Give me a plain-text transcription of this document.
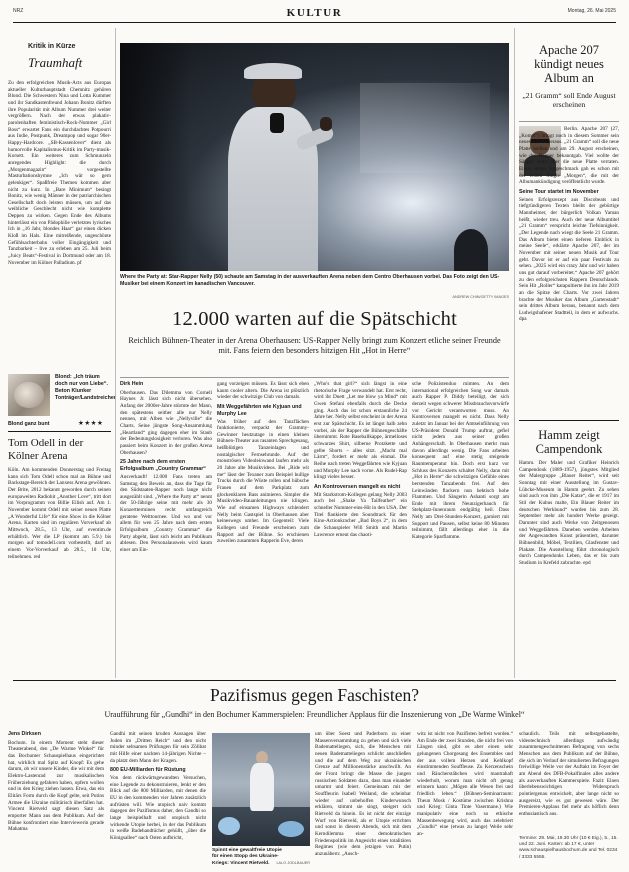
NRZ	KULTUR	Montag, 26. Mai 2025
Kritik in Kürze
Traumhaft

Zu den erfolgreichen Musik-Acts aus Europas aktueller Kulturhauptstadt Chemnitz gehören Blond. Die Schwestern Nina und Lotta Kummer und ihr Sandkastenfreund Johann Bonitz dürften ihre Popularität mit Album Nummer drei weiter vergrößern. Nach der etwas plakativ-parolenhaften feministisch-Rock-Nummer „Girl Boss“ erwartet Fans ein durchdachtes Potpourri aus Indie, Postpunk, Dreampop und sogar 90er-Happy-Hardcore. „SB-Kassenlover“ dient als humorvolle Kapitalismus-Kritik im Party-musik-Korsett. Ein weiteres zum Schmunzeln anregendes Highlight: die durch „Morgenmagazin“ vorgestellte Masturbationshymne „Ich wär so gern gelenkiger“. Spaßfreie Themen kommen aber nicht zu kurz. In „Bare Minimum“ besingt Bonitz, wie wenig Männer in der patriarchischen Gesellschaft doch leisten müssen, um auf das weibliche Geschlecht nicht wie komplette Deppen zu wirken. Gegen Ende des Albums hinterlässt ein von Pädophilie verletztes lyrisches Ich in „16 Jahr, blondes Haar“ gar einen dicken Kloß im Hals. Eine mitreißende, ungeschönte Gefühlsachterbahn voller Eingängigkeit und Tanzbarkeit – live zu erleben am 25. Juli beim „Juicy Beats“-Festival in Dortmund oder am 18. November im Kölner Palladium. pf

Blond: „Ich träum doch nur von Liebe“. Beton Klunker Tonträger/Landstreicher
Blond ganz bunt	★★★★
Tom Odell in der Kölner Arena

Köln. Am kommenden Donnerstag und Freitag kann sich Tom Odell schon mal an Bühne und Backstage-Bereich der Lanxess Arena gewöhnen. Der Brite, 2012 bekannt geworden durch seinen europaweiten Radiohit „Another Love“, tritt dort im Vorprogramm von Billie Eilish auf. Am 1. November kommt Odell mit seiner neuen Platte „A Wonderful Life“ für eine Show in die Kölner Arena. Karten sind im regulären Vorverkauf ab Mittwoch, 28.5., 13 Uhr, auf eventim.de erhältlich. Wer die LP (kommt am 5.9.) bis morgen auf tomodell.com vorbestellt, darf an einem Vor-Vorverkauf ab 28.5., 10 Uhr, teilnehmen. red

Where the Party at: Star-Rapper Nelly (50) schaute am Samstag in der ausverkauften Arena neben dem Centro Oberhausen vorbei. Das Foto zeigt den US-Musiker bei einem Konzert im kanadischen Vancouver.
ANDREW CHIN/GETTY IMAGES
12.000 warten auf die Spätschicht
Reichlich Bühnen-Theater in der Arena Oberhausen: US-Rapper Nelly bringt zum Konzert etliche seiner Freunde mit. Fans feiern den besonders hitzigen Hit „Hot in Herre“
Dirk Hein

Oberhausen. Das Dilemma von Cornell Haynes Jr. lässt sich nicht übersehen. Anfang der 2000er-Jahre stürmte der Mann, den spätestens seither alle nur Nelly nennen, mit Alben wie „Nellyville“ die Charts. Seine jüngste Song-Ansammlung „Heartland“ ging dagegen eher im Staub der Bedeutungslosigkeit verloren. Was also passiert beim Konzert in der großen Arena Oberhausen?

25 Jahre nach dem ersten Erfolgsalbum „Country Grammar“

Ausverkauft! 12.000 Fans treten am Samstag den Beweis an, dass die Tage für den Südstaaten-Rapper noch lange nicht ausgezählt sind. „Where the Party at“ nennt der 50-Jährige seine mit mehr als 30 Konzertterminen recht umfangreich geratene Welttournee. Und wo und vor allem für wen 25 Jahre nach dem ersten Erfolgsalbum „Country Grammar“ die Party abgeht, lässt sich leicht am Publikum ablesen. Den Personalausweis wird kaum einer am Ein-

gang vorzeigen müssen. Es lässt sich eben kaum cooler altern. Die Arena ist plötzlich wieder der schwitzige Club von damals.

Mit Weggefährten wie Kyjuan und Murphy Lee

Was früher auf den Tanzflächen funktionierte, verpackt der Grammy-Gewinner heutzutage in einen kleinen Bühnen-Theater aus rasanten Sprechgesang, heißblütigen Tanzeinlagen und nostalgischer Fernsehrunde. Auf der monströsen Videoleinwand laufen mehr als 20 Jahre alte Musikvideos. Bei „Ride wit me“ lässt der Texaner zum Beispiel bullige Trucks durch die Wüste rollen und hübsche Frauen auf dem Parkplatz zum glockenklaren Bass animieren. Simpler die Musikvideo-Bauanleitungen nie klingen. Wie auf einsamen Highways schlendert Nelly beim Gastspiel in Oberhausen aber keineswegs umher. Im Gegenteil: Viele Kollegen und Freunde erscheinen zum Rapport auf der Bühne. So erschienen zuweilen zusammen Rapperin Eve, deren

„Who's that girl?“ sich längst in eine rhetorische Frage verwandelt hat. Erst recht, wird ihr Duett „Let me blow ya Mind“ mit Gwen Stefani ebenfalls durch die Decke ging. Auch das ist schon erstaunliche 24 Jahre her. Nelly selbst erscheint in der Arena erst zur Spätschicht. Es ist längst halb zehn vorbei, als der Rapper die Bühnengeschäfte übernimmt. Rote Baseballkappe, ärmelloses schwarzes Shirt, silberne Protzkette und gelbe Shorts – alles sitzt. „Macht mal Lärm“, fordert er mehr als einmal. Die Reihe nach treten Weggefährten wie Kyjuan und Murphy Lee nach vorne. Als Rudel-Rap klingt vieles besser.

An Kontroversen mangelt es nicht

Mit Starkstrom-Kollegen gelang Nelly 2003 auch bei „Shake Ya Tailfeather“ ein schneller Nummer-eins-Hit in den USA. Der Titel flankierte den Soundtrack für den Kino-Actionkracher „Bad Boys 2“, in dem die Schauspieler Will Smith und Martin Lawrence erneut das chaoti-

sche Polizistenduo mimten. An dem international erfolgreichen Song war damals auch Rapper P. Diddy beteiligt, der sich derzeit wegen schwerer Missbrauchsvorwürfe vor Gericht verantworten muss. An Kontroversen mangelt es nicht. Dass Nelly zuletzt im Januar bei der Amtseinführung von US-Präsident Donald Trump auftrat, gefiel nicht jedem aus seiner großen Anhängerschaft. In Oberhausen merkt man davon allerdings wenig. Die Fans arbeiten konsequent auf eine stetig steigende Raumtemperatur hin. Doch erst kurz vor Schluss des Konzerts schaltet Nelly, dann mit „Hot in Herre“ die schwitzigen Gefühle eines berstenden Tanzabends frei. Auf den Leinwänden flackern nun hektisch hohe Flammen. Und Sängerin Ashanti sorgt am Ende mit ihrem Neunzigerhauch für Stehplatz-Innenraum endgültig heil. Dass Nelly am Drei-Stunden-Konzert, garniert mit Support und Pausen, selbst keine 80 Minuten teilnimmt, fällt allerdings eher in die Kategorie Sparflamme.

Apache 207 kündigt neues Album an
„21 Gramm“ soll Ende August erscheinen

Berlin. Apache 207 (27, „Komet“) bringt noch in diesem Sommer sein neues Album heraus. „21 Gramm“ soll die neue Platte heißen und am 29. August erscheinen, wie der Rapper bekanntgab. Viel wollte der Sänger nicht über die neue Platte verraten. Einen ersten Vorgeschmack gab es schon mit der ersten Single „Morgen“, die mit der Albumankündigung veröffentlicht wurde.

Seine Tour startet im November

Seinen Erfolgsrezept aus Discobeats und tiefgründigeren Texten bleibt der gebürtige Mannheimer, der bürgerlich Volkan Yaman heißt, wieder treu. Auch der neue Albumtitel „21 Gramm“ verspricht leichte Tiefsinnigkeit. „Der Legende nach wiegt die Seele 21 Gramm. Das Album bietet einen tieferen Einblick in meine Seele“, erklärte Apache 207, der im November mit seiner neuen Musik auf Tour geht. Davor ist er auf ein paar Festivals zu sehen. „2025 wird ein crazy Jahr und wir haben uns gut darauf vorbereitet.“ Apache 207 gehört zu den erfolgreichsten Rappern Deutschlands. Sein Hit „Roller“ katapultierte ihn im Jahr 2019 an die Spitze der Charts. Vor zwei Jahren brachte der Musiker das Album „Gartenstadt“ sein drittes Album heraus, benannt nach dem Ludwigshafener Stadtteil, in dem er aufwuchs. dpa

Hamm zeigt Campendonk

Hamm. Der Maler und Grafiker Heinrich Campendonk (1889-1957), jüngstes Mitglied der Malergruppe „Blauer Reiter“, wird seit Sonntag mit einer Ausstellung im Gustav-Lübcke-Museum in Hamm geehrt. Zu sehen sind auch von ihm „Die Katze“, die er 1917 im Stil der Kubus malte, Ein Blauer Reiter im deutschen Werkbund“ wurden bis zum 28. September mehr als hundert Werke gezeigt. Darunter sind auch Werke von Zeitgenossen und Weggefährten. Daneben werden Arbeiten der Angewandten Kunst präsentiert, darunter Bühnenbild, Möbel, Textilien, Glasfenster und Plakate. Die Ausstellung führt chronologisch durch Campendonks Leben, das er bis zum Studium in Krefeld zubrachte. epd

Pazifismus gegen Faschisten?
Uraufführung für „Gundhi“ in den Bochumer Kammerspielen: Freundlicher Applaus für die Inszenierung von „De Warme Winkel“
Jens Dirksen

Bochum. In einem Moment steht dieser Theaterabend, den „De Warme Winkel“ für das Bochumer Schauspielhaus eingerichtet hat, wirklich mal Spitz auf Knopf: Es gehe darum, ob wir unsere Kinder, die wir mit dem Elektro-Lastenrad zur musikalischen Früherziehung gefahren haben, opfern wollen und in den Krieg ziehen lassen. Etwa, das ein Elitärs Form durch die Kopf gelte, seit Putins Armee die Ukraine militärisch überfallen hat. Vincent Rietveld sagt diesen Satz als emporter Mann aus dem Publikum. Auf der Bühne konfrontiert eine Interviewerin gerade Mahatma

Gandhi mit seinen kruden Aussagen über Juden im „Dritten Reich“ und den nicht minder seltsamen Prüfungen für sein Zölibat mit Hilfe einer nackten 14-jährigen Nichte – da platzt dem Mann der Kragen.

800 EU-Milliarden für Rüstung

Von dem rückwärtsgewandten Versuchen, eine Legende zu dekonstruieren, lenkt er den Blick auf die 800 Milliarden, mit denen die EU in den kommenden vier Jahren zusätzlich aufrüsten will. Wie utopisch naiv kommt dagegen der Pazifismus daher, den Gandhi so lange beispielhaft und utopisch nicht wirkende Utopie herbei, in der das Publikum in weiße Badehandtücher gehüllt, „über die Königsallee“ nach Osten aufbricht,

Spinnt eine gewaltfreie Utopie für einen Stopp des Ukraine-Kriegs: Vincent Rietveld.	LALO JODLBAUER

um über Soest und Paderborn zu einer Massenversammlung zu gehen und sich viele Badematteliegen, sich, die Menschen mit neuen Badematteliegen schlicht anschließen und die auf dem Weg zur ukrainischen Grenze auf Millionenstärke anschwillt. An der Front bringt die Masse die jungen russischen Soldaten dazu, dass man einander umarmt und feiert. Gemeinsam mit der Souffleurin Isabell Weiland, die scheinbar wieder auf unbeholfen Kinderwunsch erklären, stimmt sie singt, steigert sich Rietveld da hinein. Es ist nicht der einzige Wurf von Rietveld, als er Utopie errichten und sonst in diesem Abends, sich mit dem Kerndilemma einer demokratischen Friedenspolitik im Angesicht eines totalitären Regimes (wie dem jetzigen von Putin) anzunähern: „Ausch-

witz ist nicht von Pazifisten befreit worden.“ Am Ende der zwei Stunden, die nicht frei von Längen sind, gibt es aber einen sehr gelungenen Chorgesang des Ensembles und der aus vollem Herzen und Kehlkopf einstimmenden Souffleuse. Zu Kerzenschein und Räucherstäbchen wird mantrahaft wiederholt, worum man nicht oft genug erinnern kann: „Mögen alle Wesen frei und friedlich leben.“ (Bühnen-Seminarraum: Theun Mosk / Kostüme zwischen Krishna und Krieg: Ginta Tinte Vasermane.) Wie manipulativ eine noch so ethische Massenbewegung wird, auch das zelebriert „Gundhi“ eine (etwas zu lange) Weile sehr an-

schaulich. Teils mit selbstgebastelte, videotechnisch allerdings aufwändig zusammengeschnittenen Befragung von sechs Menschen aus dem Publikum auf der Bühne, die sich im Verlauf der simulierten Befragungen freiwillige Weile vor der Auftakt im Foyer der am Abend des DFB-Pokalfinales alles andere als ausverkauften Kammerspiele. Fazit: Einen überlebenswichtigen Widerspruch pointiergenau entwickelt, aber lange nicht so ausgereizt, wie es gut gewesen wäre. Der Premieren-Applaus fiel mehr als höflich denn enthusiastisch aus.

Termine: 29. Mai, 19.30 Uhr (10 € Eig.), 5., 15. und 22. Juni. Karten: ab 17 €, unter www.schauspielhausbochum.de und Tel. 0234 / 3333 5555.
